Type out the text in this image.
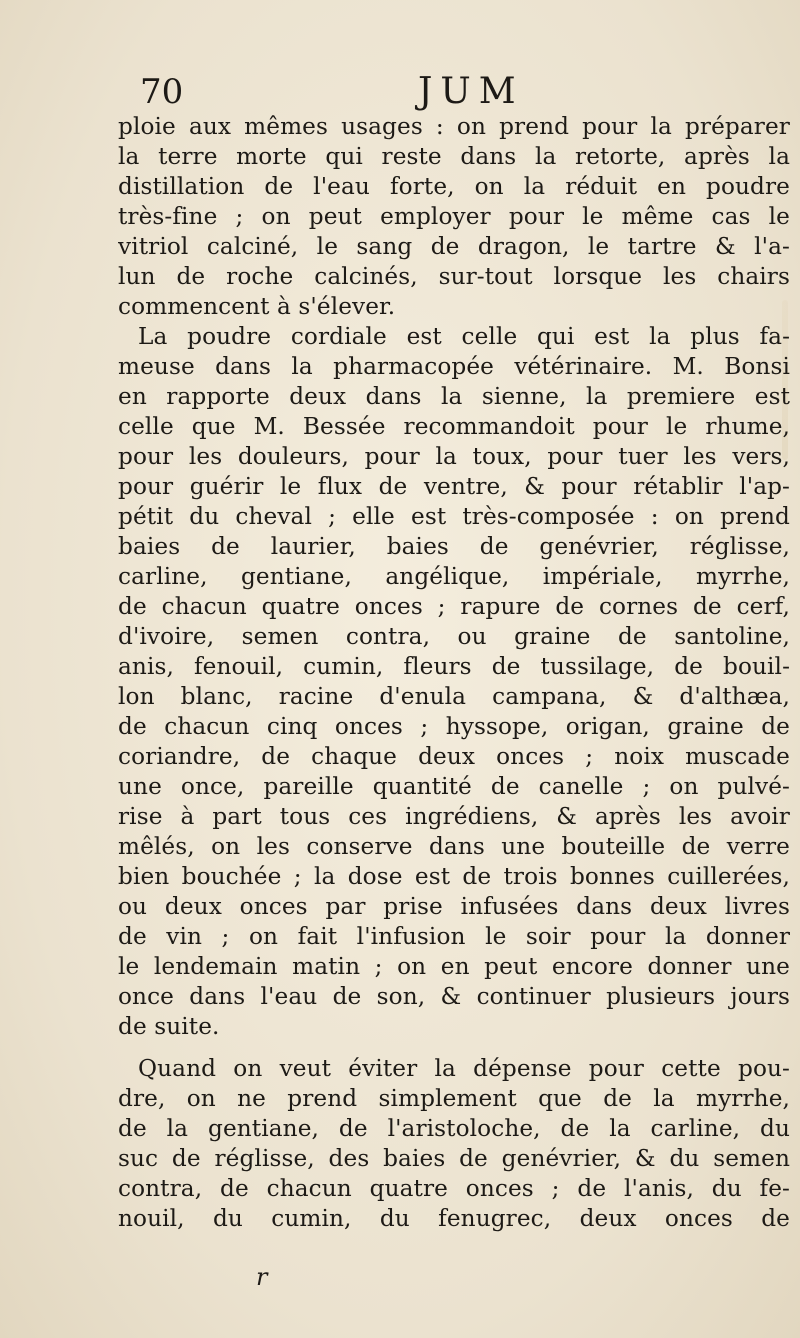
70	JUM
ploie aux mêmes usages : on prend pour la préparer
la terre morte qui reste dans la retorte, après la
distillation de l'eau forte, on la réduit en poudre
très-fine ; on peut employer pour le même cas le
vitriol calciné, le sang de dragon, le tartre & l'a-
lun de roche calcinés, sur-tout lorsque les chairs
commencent à s'élever.
La poudre cordiale est celle qui est la plus fa-
meuse dans la pharmacopée vétérinaire. M. Bonsi
en rapporte deux dans la sienne, la premiere est
celle que M. Bessée recommandoit pour le rhume,
pour les douleurs, pour la toux, pour tuer les vers,
pour guérir le flux de ventre, & pour rétablir l'ap-
pétit du cheval ; elle est très-composée : on prend
baies de laurier, baies de genévrier, réglisse,
carline, gentiane, angélique, impériale, myrrhe,
de chacun quatre onces ; rapure de cornes de cerf,
d'ivoire, semen contra, ou graine de santoline,
anis, fenouil, cumin, fleurs de tussilage, de bouil-
lon blanc, racine d'enula campana, & d'althæa,
de chacun cinq onces ; hyssope, origan, graine de
coriandre, de chaque deux onces ; noix muscade
une once, pareille quantité de canelle ; on pulvé-
rise à part tous ces ingrédiens, & après les avoir
mêlés, on les conserve dans une bouteille de verre
bien bouchée ; la dose est de trois bonnes cuillerées,
ou deux onces par prise infusées dans deux livres
de vin ; on fait l'infusion le soir pour la donner
le lendemain matin ; on en peut encore donner une
once dans l'eau de son, & continuer plusieurs jours
de suite.
Quand on veut éviter la dépense pour cette pou-
dre, on ne prend simplement que de la myrrhe,
de la gentiane, de l'aristoloche, de la carline, du
suc de réglisse, des baies de genévrier, & du semen
contra, de chacun quatre onces ; de l'anis, du fe-
nouil, du cumin, du fenugrec, deux onces de
r
